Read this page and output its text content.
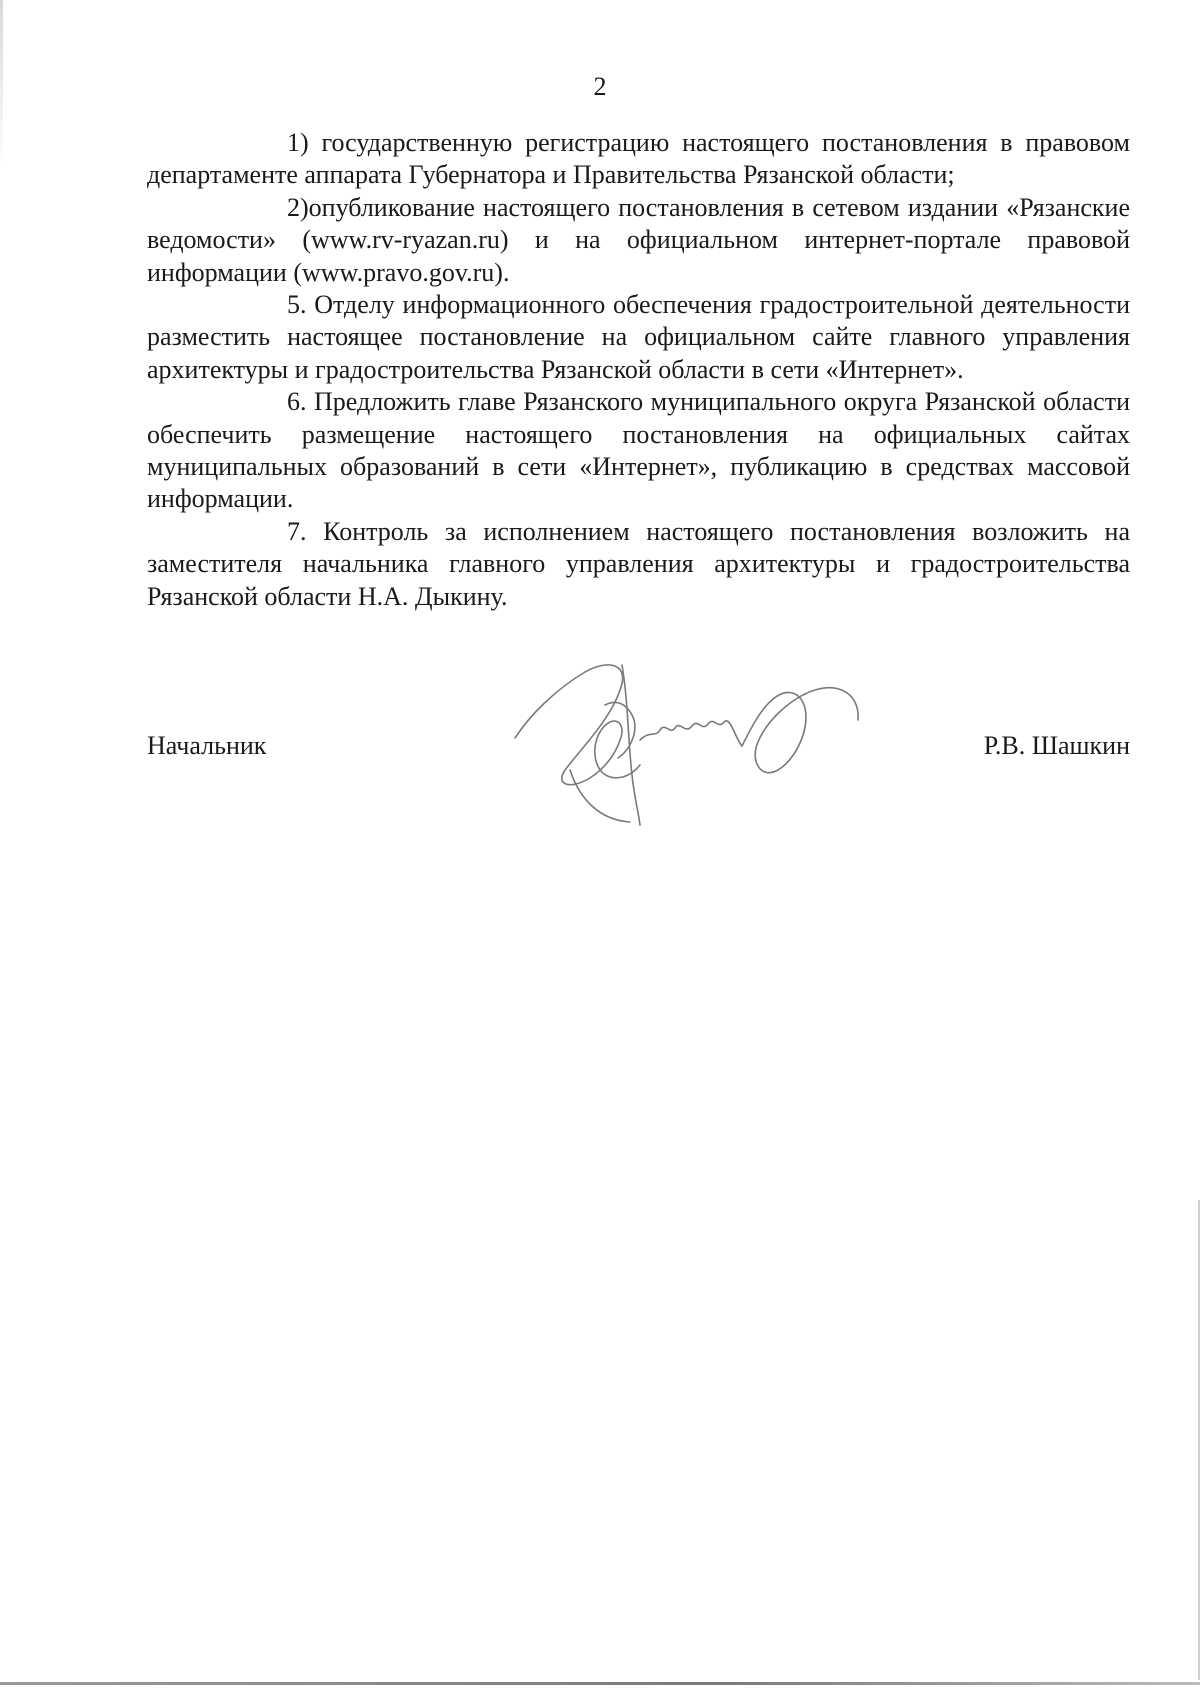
2

1) государственную регистрацию настоящего постановления в правовом департаменте аппарата Губернатора и Правительства Рязанской области;

2)опубликование настоящего постановления в сетевом издании «Рязанские ведомости» (www.rv-ryazan.ru) и на официальном интернет-портале правовой информации (www.pravo.gov.ru).

5. Отделу информационного обеспечения градостроительной деятельности разместить настоящее постановление на официальном сайте главного управления архитектуры и градостроительства Рязанской области в сети «Интернет».

6. Предложить главе Рязанского муниципального округа Рязанской области обеспечить размещение настоящего постановления на официальных сайтах муниципальных образований в сети «Интернет», публикацию в средствах массовой информации.

7. Контроль за исполнением настоящего постановления возложить на заместителя начальника главного управления архитектуры и градостроительства Рязанской области Н.А. Дыкину.

Начальник	Р.В. Шашкин
